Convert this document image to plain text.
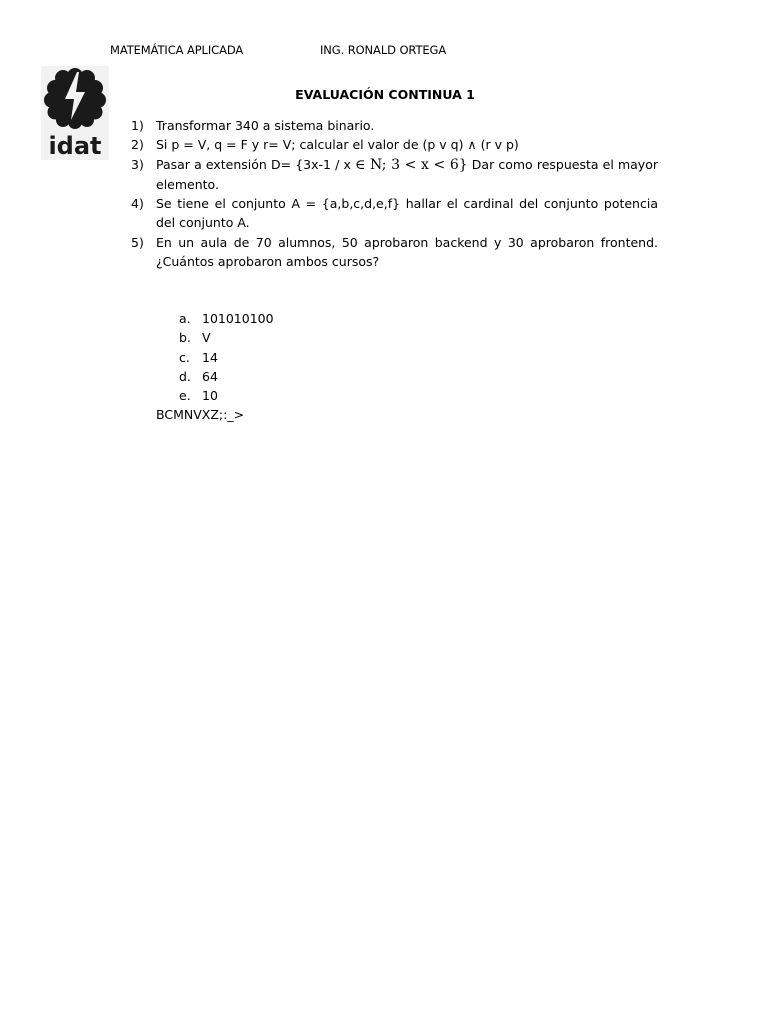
MATEMÁTICA APLICADA	ING. RONALD ORTEGA
idat
EVALUACIÓN CONTINUA 1
1) Transformar 340 a sistema binario.
2) Si p = V, q = F y r= V; calcular el valor de (p v q) ∧ (r v p)
3) Pasar a extensión D= {3x-1 / x ∈ N; 3 < x < 6} Dar como respuesta el mayor elemento.
4) Se tiene el conjunto A = {a,b,c,d,e,f} hallar el cardinal del conjunto potencia del conjunto A.
5) En un aula de 70 alumnos, 50 aprobaron backend y 30 aprobaron frontend. ¿Cuántos aprobaron ambos cursos?
a. 101010100
b. V
c. 14
d. 64
e. 10
BCMNVXZ;:_>
